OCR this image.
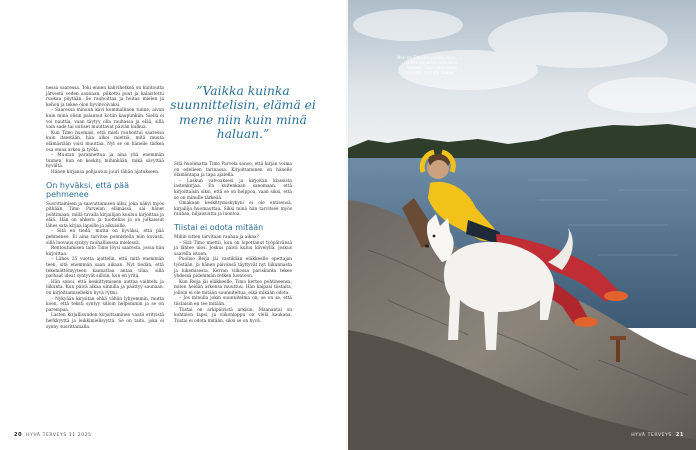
nessa saaressa. Toki ennen kahvihetkeä on kuntoutta järvestä veden saunaan, pilkottu puut ja kalaistettu ruokaa pöytään. Se rauhoittaa ja hoitaa mielen ja kehon ja tekee olon hyvinvoivaksi.

– Saaressa minuun kävi kummallinen tunne, aivan kuin minä olisin palannut kotiin kaupunkiin. Siellä ei voi nauttia, vaan täytyy olla rauhassa ja elää, sillä vain sade tai uutiset muuttavat päivän kulkua.

Kun Timo huomasi, että mieli rauhoittui saaressa kuin itsestään, hän alkoi miettiä, mitä muuta elämästään voisi muuttaa. Nyt se on hänelle tärkeä osa omaa arkea ja työtä.

– Muutan parannettua ja aina yhä enemmän tunnen, kun en keskity mihinkään, mikä sävyttää hyvältä.

Hänen kirjansa pohjautuu juuri tähän ajatukseen.

On hyväksi, että pää pehmenee

Suorittamisen ja saavuttamisen alku, joka näkyi myös pitkään Timo Parvelan elämässä, sai hänet pohtimaan, millä tavalla kirjailijan kuuluu kirjoittaa ja elää. Hän on ahkera ja tuottelias ja on julkaissut lähes sata kirjaa lapsille ja aikuisille.

– Sitä en tiedä, mutta on hyväksi, että pää pehmenee. Ei aina tarvitse ponnistella niin kovasti, sillä luovuus syntyy rauhallisessa mielessä.

Rentoutumisen taito Timo löysi saaresta, jossa hän kirjoittaa.

– Lähes 25 vuotta ajattelin, että mitä enemmän teen, sitä enemmän saan aikaan. Nyt tiedän, että tekemättömyyteen kannattaa antaa tilaa, sillä parhaat ideat syntyvät silloin, kun en yritä.

Hän sanoi, että keskittymiseen auttaa vaihtelu ja liikunta. Kun päivä alkaa uinnilla ja päättyy saunaan, on kirjoittamisellekin hyvä rytmi.

– Nykyään kirjoitan ehkä vähän lyhyemmin, mutta koen, että teksti syntyy silloin helpommin ja se on parempaa.

Lasten kirjallisuuden kirjoittaminen vaatii erityistä herkkyyttä ja leikkimielisyyttä. Se on taito, joka ei synny suorittamalla.

”Vaikka kuinka suunnittelisin, elämä ei mene niin kuin minä haluan.”

Sitä huolimatta Timo Parvela sanoo, että kirjan voima on edelleen tarinassa. Kirjoittaminen on hänelle elämäntapa ja tapa ajatella.

– Laskun valvoaksesi ja kirjoitan klassista lastenkirjaa. En kuitenkaan sanomaan, että kirjoittaisin siksi, että se on helppoa, vaan siksi, että se on minulle tärkeää.

Omakaan keskittymiskykyni ei ole entisensä, kirjailija huomauttaa. Siksi minä hän tarvitsee myös rauhaa, hiljaisuutta ja luontoa.

Tiistai ei odota mitään

Mihin sitten tarvitaan rauhaa ja aikaa?

– Sitä Timo miettii, kun on lopettanut työpäivänsä ja lähtee ulos. Joskus päivä kuluu kävelyllä, joskus saarella istuen.

Puoliso Reija jäi vastikään eläkkeelle opettajan työstään, ja hänen päivänsä täyttyvät nyt liikunnasta ja lukemisesta. Kerran viikossa pariskunta tekee yhdessä pidemmän retken luontoon.

Kun Reija jäi eläkkeelle, Timo kertoo pohtineensa, miten heidän arkensa muuttuu. Hän kaipasi tiistaita, jolloin ei ole mitään suunniteltua, eikä mikään odota.

– Jos minulla jokin suunnitelma on, se on se, että tiistaisin en tee mitään.

Tiistai on arkipäivistä arkisin. Maanantai on kohtalon lapsi, ja viikonloppu on vielä kaukana. Tiistai ei odota mitään, siksi se on hyvä.

20 HYVÄ TERVEYS 11 2025
Meri on Timo Parvelalle rakas, ja hän veneilee vaimonsa kanssa. ”Kun vene irtoaa rannasta, arki jää taakse.”
HYVÄ TERVEYS 21
